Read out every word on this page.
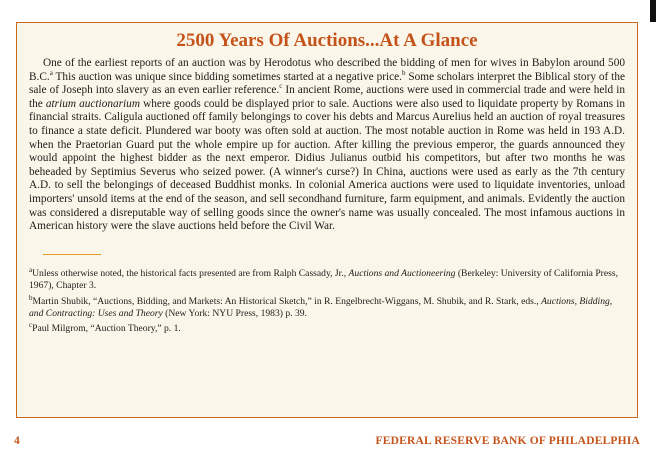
2500 Years Of Auctions...At A Glance

One of the earliest reports of an auction was by Herodotus who described the bidding of men for wives in Babylon around 500 B.C.$^a$ This auction was unique since bidding sometimes started at a negative price.$^b$ Some scholars interpret the Biblical story of the sale of Joseph into slavery as an even earlier reference.$^c$ In ancient Rome, auctions were used in commercial trade and were held in the atrium auctionarium where goods could be displayed prior to sale. Auctions were also used to liquidate property by Romans in financial straits. Caligula auctioned off family belongings to cover his debts and Marcus Aurelius held an auction of royal treasures to finance a state deficit. Plundered war booty was often sold at auction. The most notable auction in Rome was held in 193 A.D. when the Praetorian Guard put the whole empire up for auction. After killing the previous emperor, the guards announced they would appoint the highest bidder as the next emperor. Didius Julianus outbid his competitors, but after two months he was beheaded by Septimius Severus who seized power. (A winner's curse?) In China, auctions were used as early as the 7th century A.D. to sell the belongings of deceased Buddhist monks. In colonial America auctions were used to liquidate inventories, unload importers' unsold items at the end of the season, and sell secondhand furniture, farm equipment, and animals. Evidently the auction was considered a disreputable way of selling goods since the owner's name was usually concealed. The most infamous auctions in American history were the slave auctions held before the Civil War.

$^a$Unless otherwise noted, the historical facts presented are from Ralph Cassady, Jr., Auctions and Auctioneering (Berkeley: University of California Press, 1967), Chapter 3.

$^b$Martin Shubik, “Auctions, Bidding, and Markets: An Historical Sketch,” in R. Engelbrecht-Wiggans, M. Shubik, and R. Stark, eds., Auctions, Bidding, and Contracting: Uses and Theory (New York: NYU Press, 1983) p. 39.

$^c$Paul Milgrom, “Auction Theory,” p. 1.

4	FEDERAL RESERVE BANK OF PHILADELPHIA
